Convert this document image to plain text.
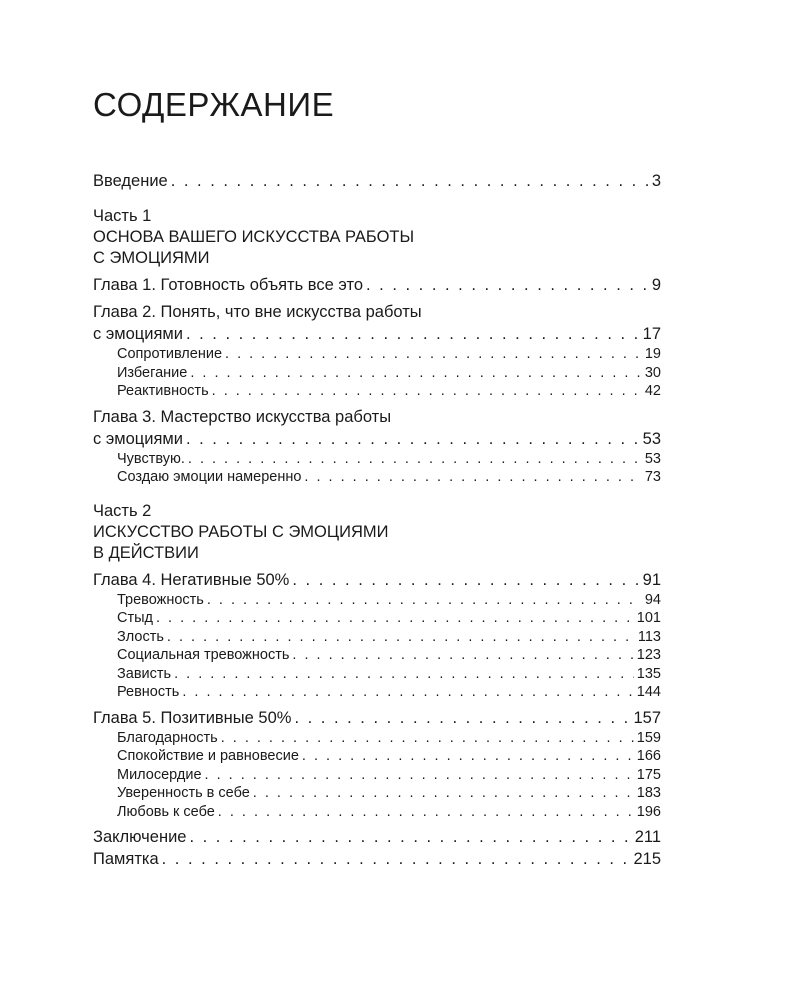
СОДЕРЖАНИЕ
Введение . . .	3
Часть 1
ОСНОВА ВАШЕГО ИСКУССТВА РАБОТЫ
С ЭМОЦИЯМИ
Глава 1. Готовность объять все это . . .	9
Глава 2. Понять, что вне искусства работы
с эмоциями . . .	17
Сопротивление . . .	19
Избегание . . .	30
Реактивность . . .	42
Глава 3. Мастерство искусства работы
с эмоциями . . .	53
Чувствую. . . .	53
Создаю эмоции намеренно . . .	73
Часть 2
ИСКУССТВО РАБОТЫ С ЭМОЦИЯМИ
В ДЕЙСТВИИ
Глава 4. Негативные 50% . . .	91
Тревожность . . .	94
Стыд . . .	101
Злость . . .	113
Социальная тревожность . . .	123
Зависть . . .	135
Ревность . . .	144
Глава 5. Позитивные 50% . . .	157
Благодарность . . .	159
Спокойствие и равновесие . . .	166
Милосердие . . .	175
Уверенность в себе . . .	183
Любовь к себе . . .	196
Заключение . . .	211
Памятка . . .	215
